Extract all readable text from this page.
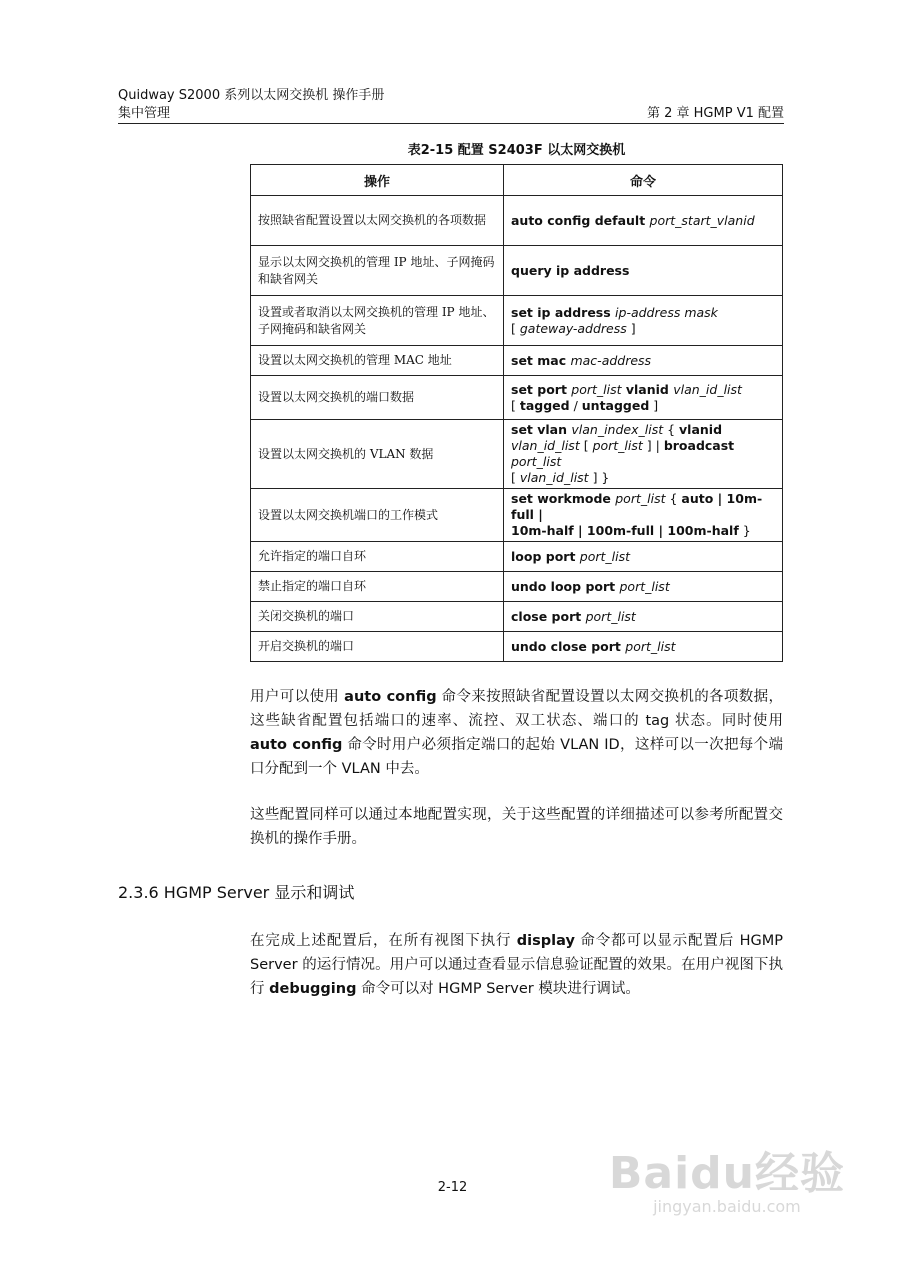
Quidway S2000 系列以太网交换机 操作手册
集中管理	第 2 章 HGMP V1 配置
表2-15 配置 S2403F 以太网交换机
操作	命令
按照缺省配置设置以太网交换机的各项数据	auto config default port_start_vlanid
显示以太网交换机的管理 IP 地址、子网掩码和缺省网关	query ip address
设置或者取消以太网交换机的管理 IP 地址、子网掩码和缺省网关	set ip address ip-address mask
[ gateway-address ]
设置以太网交换机的管理 MAC 地址	set mac mac-address
设置以太网交换机的端口数据	set port port_list vlanid vlan_id_list
[ tagged / untagged ]
设置以太网交换机的 VLAN 数据	set vlan vlan_index_list { vlanid
vlan_id_list [ port_list ] | broadcast port_list
[ vlan_id_list ] }
设置以太网交换机端口的工作模式	set workmode port_list { auto | 10m-full |
10m-half | 100m-full | 100m-half }
允许指定的端口自环	loop port port_list
禁止指定的端口自环	undo loop port port_list
关闭交换机的端口	close port port_list
开启交换机的端口	undo close port port_list
用户可以使用 auto config 命令来按照缺省配置设置以太网交换机的各项数据，这些缺省配置包括端口的速率、流控、双工状态、端口的 tag 状态。同时使用 auto config 命令时用户必须指定端口的起始 VLAN ID，这样可以一次把每个端口分配到一个 VLAN 中去。
这些配置同样可以通过本地配置实现，关于这些配置的详细描述可以参考所配置交换机的操作手册。
2.3.6 HGMP Server 显示和调试
在完成上述配置后，在所有视图下执行 display 命令都可以显示配置后 HGMP Server 的运行情况。用户可以通过查看显示信息验证配置的效果。在用户视图下执行 debugging 命令可以对 HGMP Server 模块进行调试。
2-12	Baidu经验
jingyan.baidu.com
